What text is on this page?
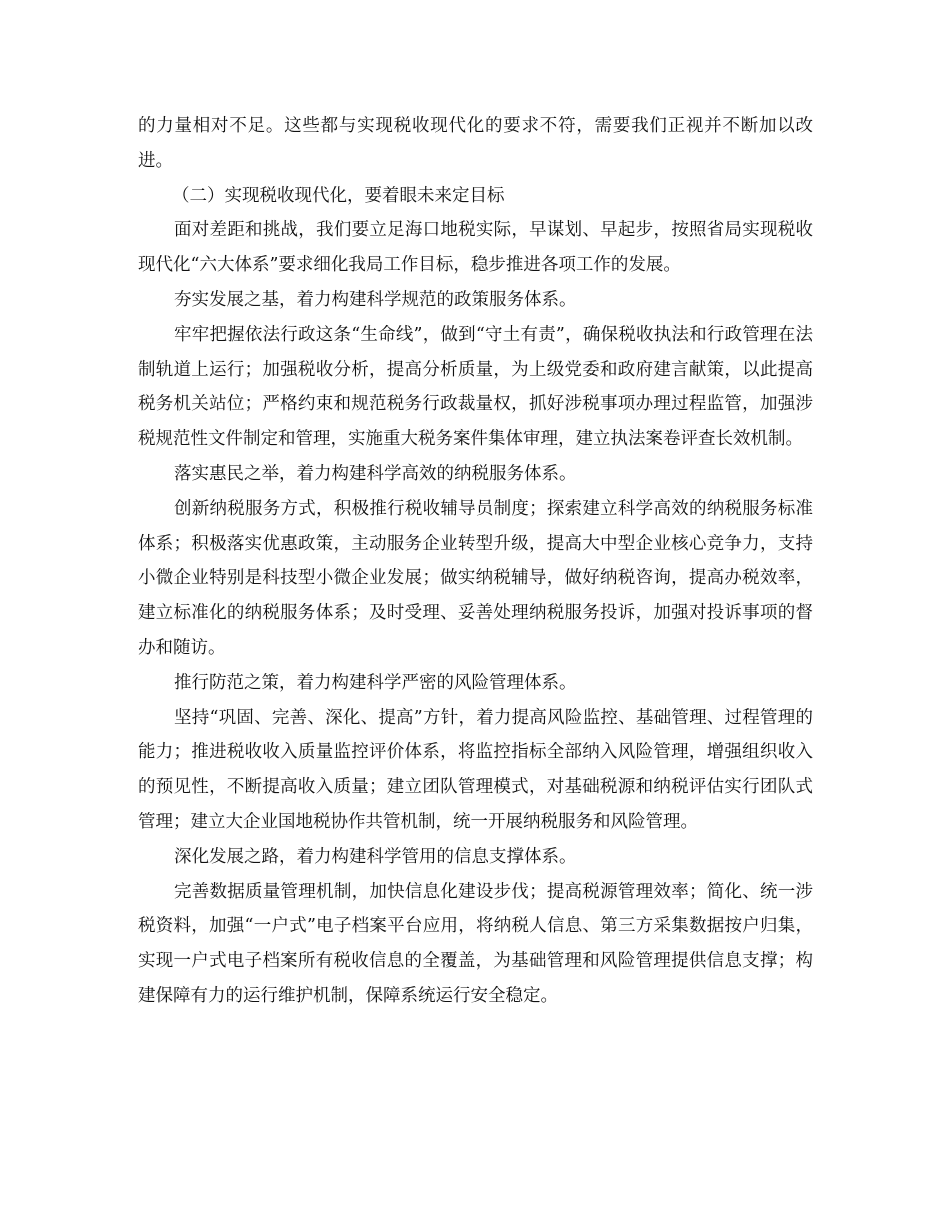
的力量相对不足。这些都与实现税收现代化的要求不符，需要我们正视并不断加以改进。

（二）实现税收现代化，要着眼未来定目标

面对差距和挑战，我们要立足海口地税实际，早谋划、早起步，按照省局实现税收现代化“六大体系”要求细化我局工作目标，稳步推进各项工作的发展。

夯实发展之基，着力构建科学规范的政策服务体系。

牢牢把握依法行政这条“生命线”，做到“守土有责”，确保税收执法和行政管理在法制轨道上运行；加强税收分析，提高分析质量，为上级党委和政府建言献策，以此提高税务机关站位；严格约束和规范税务行政裁量权，抓好涉税事项办理过程监管，加强涉税规范性文件制定和管理，实施重大税务案件集体审理，建立执法案卷评查长效机制。

落实惠民之举，着力构建科学高效的纳税服务体系。

创新纳税服务方式，积极推行税收辅导员制度；探索建立科学高效的纳税服务标准体系；积极落实优惠政策，主动服务企业转型升级，提高大中型企业核心竞争力，支持小微企业特别是科技型小微企业发展；做实纳税辅导，做好纳税咨询，提高办税效率，建立标准化的纳税服务体系；及时受理、妥善处理纳税服务投诉，加强对投诉事项的督办和随访。

推行防范之策，着力构建科学严密的风险管理体系。

坚持“巩固、完善、深化、提高”方针，着力提高风险监控、基础管理、过程管理的能力；推进税收收入质量监控评价体系，将监控指标全部纳入风险管理，增强组织收入的预见性，不断提高收入质量；建立团队管理模式，对基础税源和纳税评估实行团队式管理；建立大企业国地税协作共管机制，统一开展纳税服务和风险管理。

深化发展之路，着力构建科学管用的信息支撑体系。

完善数据质量管理机制，加快信息化建设步伐；提高税源管理效率；简化、统一涉税资料，加强“一户式”电子档案平台应用，将纳税人信息、第三方采集数据按户归集，实现一户式电子档案所有税收信息的全覆盖，为基础管理和风险管理提供信息支撑；构建保障有力的运行维护机制，保障系统运行安全稳定。
